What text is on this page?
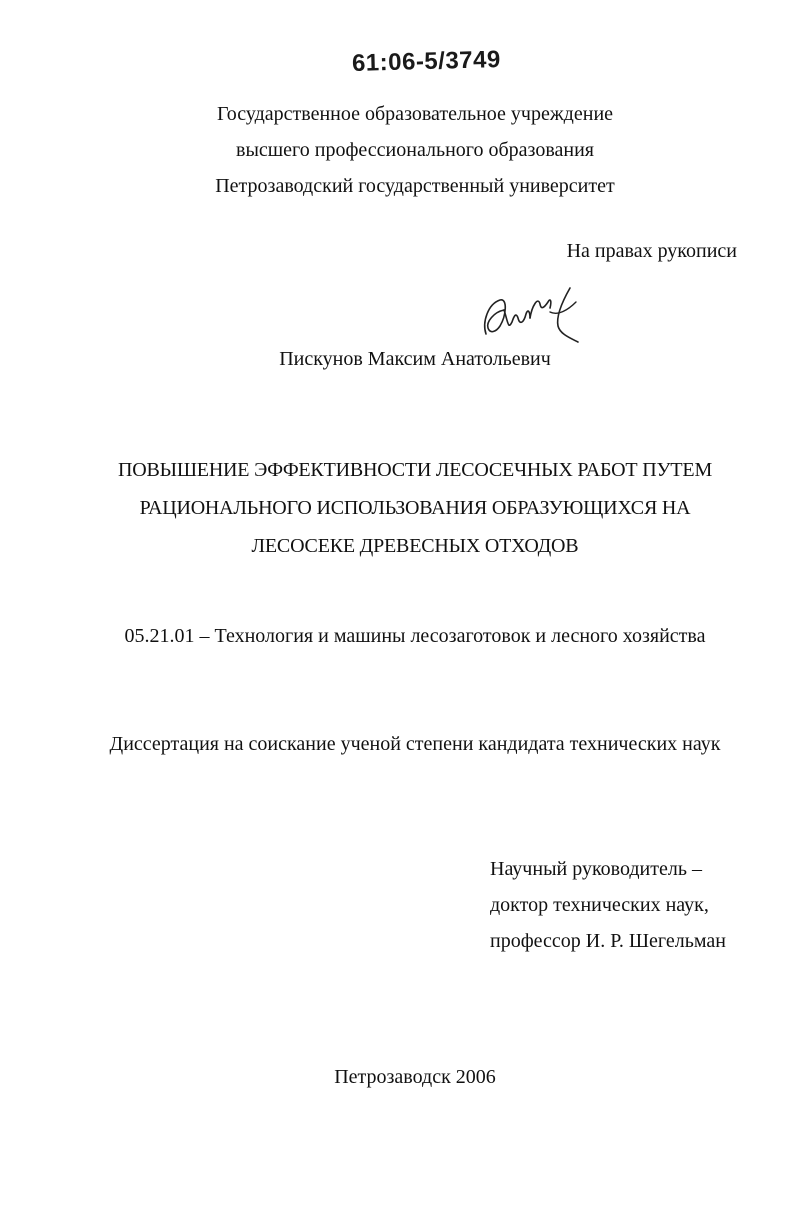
61:06-5/3749
Государственное образовательное учреждение
высшего профессионального образования
Петрозаводский государственный университет
На правах рукописи
Пискунов Максим Анатольевич
ПОВЫШЕНИЕ ЭФФЕКТИВНОСТИ ЛЕСОСЕЧНЫХ РАБОТ ПУТЕМ
РАЦИОНАЛЬНОГО ИСПОЛЬЗОВАНИЯ ОБРАЗУЮЩИХСЯ НА
ЛЕСОСЕКЕ ДРЕВЕСНЫХ ОТХОДОВ
05.21.01 – Технология и машины лесозаготовок и лесного хозяйства
Диссертация на соискание ученой степени кандидата технических наук
Научный руководитель –
доктор технических наук,
профессор И. Р. Шегельман
Петрозаводск 2006
